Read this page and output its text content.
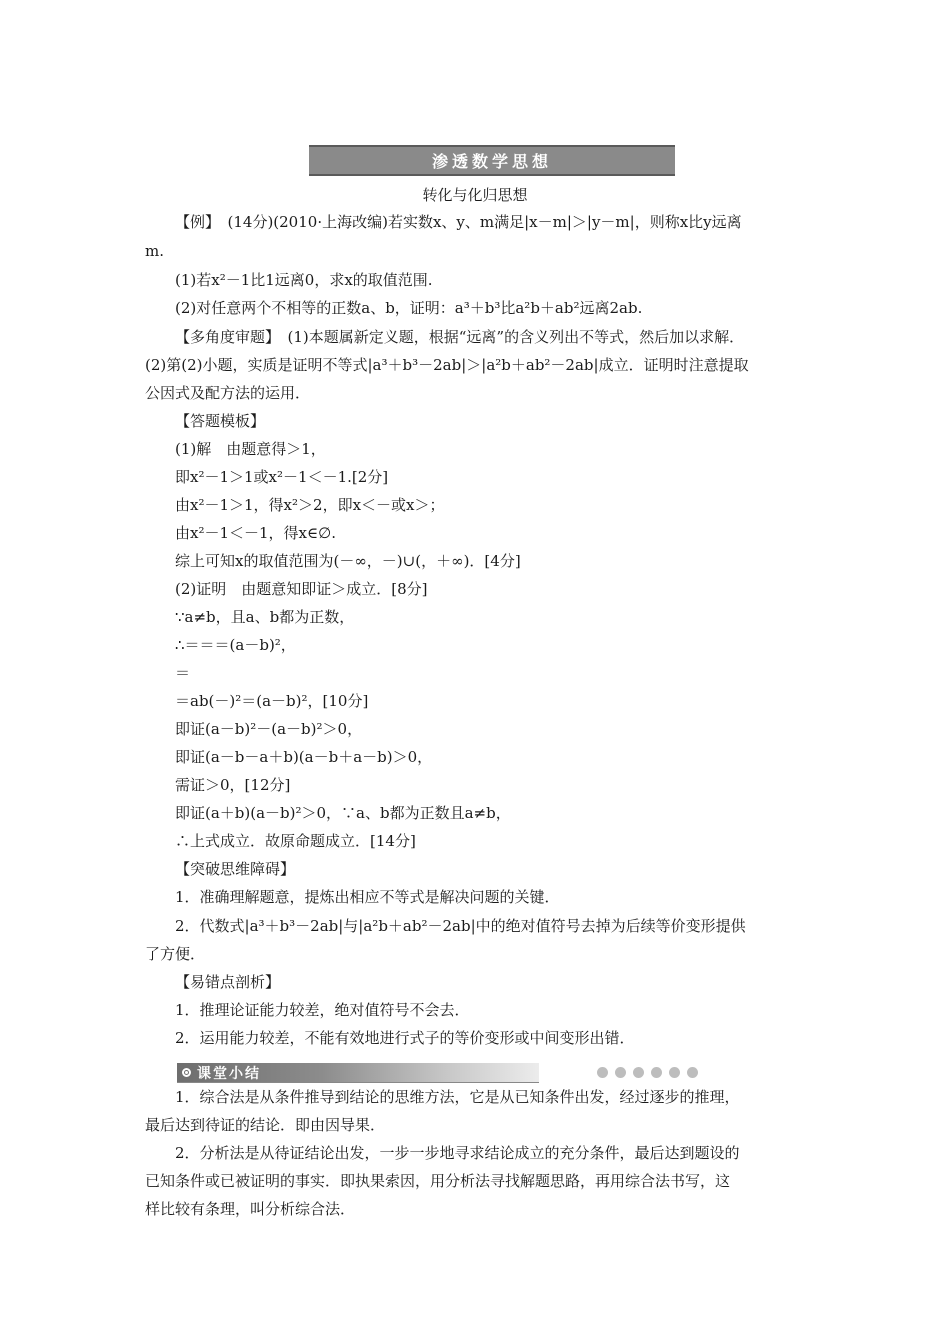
渗透数学思想
转化与化归思想
【例】　(14分)(2010·上海改编)若实数x、y、m满足|x－m|＞|y－m|，则称x比y远离
m.
(1)若x²－1比1远离0，求x的取值范围.
(2)对任意两个不相等的正数a、b，证明：a³＋b³比a²b＋ab²远离2ab.
【多角度审题】　(1)本题属新定义题，根据“远离”的含义列出不等式，然后加以求解．
(2)第(2)小题，实质是证明不等式|a³＋b³－2ab|＞|a²b＋ab²－2ab|成立．证明时注意提取
公因式及配方法的运用．
【答题模板】
(1)解　由题意得＞1，
即x²－1＞1或x²－1＜－1.[2分]
由x²－1＞1，得x²＞2，即x＜－或x＞；
由x²－1＜－1，得x∈∅.
综上可知x的取值范围为(－∞，－)∪(，＋∞)．[4分]
(2)证明　由题意知即证＞成立．[8分]
∵a≠b，且a、b都为正数，
∴＝＝＝(a－b)²，
＝
＝ab(－)²＝(a－b)²，[10分]
即证(a－b)²－(a－b)²＞0，
即证(a－b－a＋b)(a－b＋a－b)＞0，
需证＞0，[12分]
即证(a＋b)(a－b)²＞0，∵a、b都为正数且a≠b，
∴上式成立．故原命题成立．[14分]
【突破思维障碍】
1．准确理解题意，提炼出相应不等式是解决问题的关键．
2．代数式|a³＋b³－2ab|与|a²b＋ab²－2ab|中的绝对值符号去掉为后续等价变形提供
了方便．
【易错点剖析】
1．推理论证能力较差，绝对值符号不会去．
2．运用能力较差，不能有效地进行式子的等价变形或中间变形出错．
课堂小结
1．综合法是从条件推导到结论的思维方法，它是从已知条件出发，经过逐步的推理，
最后达到待证的结论．即由因导果．
2．分析法是从待证结论出发，一步一步地寻求结论成立的充分条件，最后达到题设的
已知条件或已被证明的事实．即执果索因，用分析法寻找解题思路，再用综合法书写，这
样比较有条理，叫分析综合法．
